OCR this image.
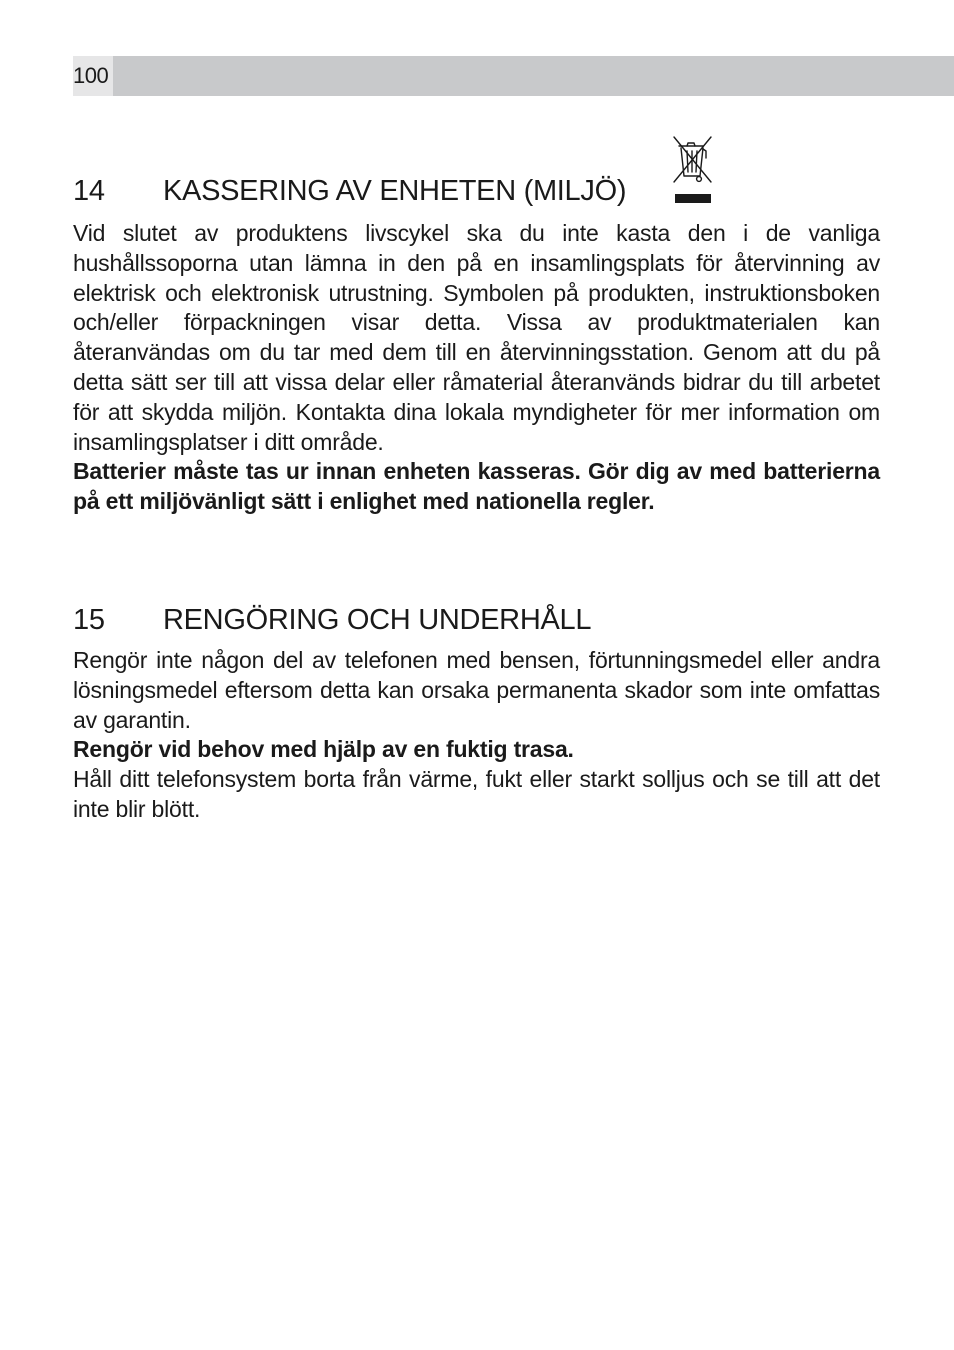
100
14 KASSERING AV ENHETEN (MILJÖ)

Vid slutet av produktens livscykel ska du inte kasta den i de vanliga hushållssoporna utan lämna in den på en insamlingsplats för återvinning av elektrisk och elektronisk utrustning. Symbolen på produkten, instruktionsboken och/eller förpackningen visar detta. Vissa av produktmaterialen kan återanvändas om du tar med dem till en återvinningsstation. Genom att du på detta sätt ser till att vissa delar eller råmaterial återanvänds bidrar du till arbetet för att skydda miljön. Kontakta dina lokala myndigheter för mer information om insamlingsplatser i ditt område.

Batterier måste tas ur innan enheten kasseras. Gör dig av med batterierna på ett miljövänligt sätt i enlighet med nationella regler.

15 RENGÖRING OCH UNDERHÅLL

Rengör inte någon del av telefonen med bensen, förtunningsmedel eller andra lösningsmedel eftersom detta kan orsaka permanenta skador som inte omfattas av garantin.

Rengör vid behov med hjälp av en fuktig trasa.

Håll ditt telefonsystem borta från värme, fukt eller starkt solljus och se till att det inte blir blött.
